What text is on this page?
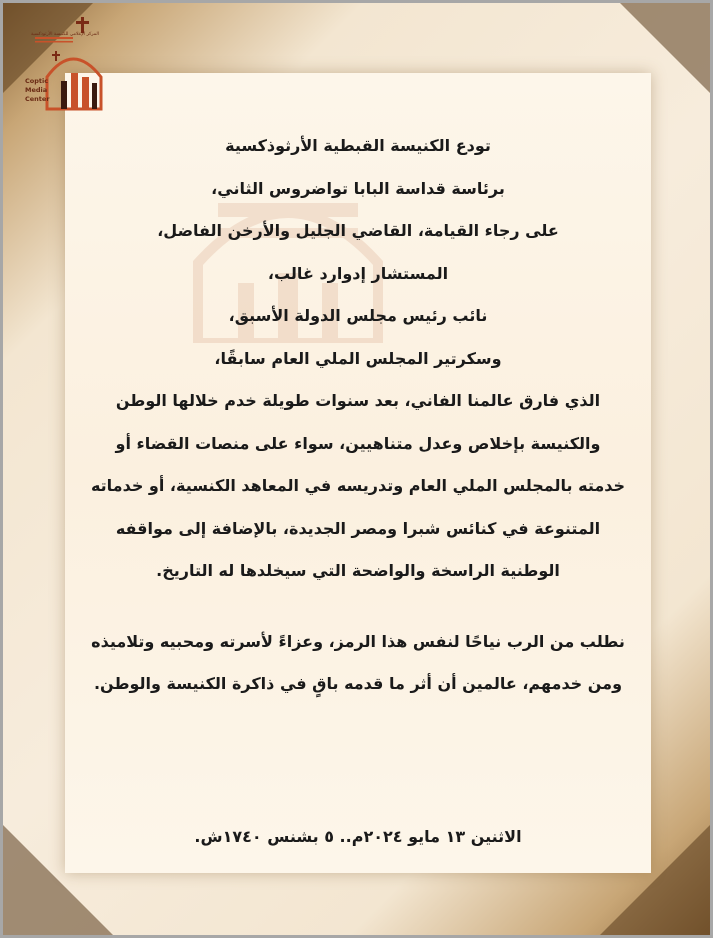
المركز الإعلامي للكنيسة الأرثوذكسية
Coptic
Media
Center
تودع الكنيسة القبطية الأرثوذكسية
برئاسة قداسة البابا تواضروس الثاني،
على رجاء القيامة، القاضي الجليل والأرخن الفاضل،
المستشار إدوارد غالب،
نائب رئيس مجلس الدولة الأسبق،
وسكرتير المجلس الملي العام سابقًا،
الذي فارق عالمنا الفاني، بعد سنوات طويلة خدم خلالها الوطن
والكنيسة بإخلاص وعدل متناهيين، سواء على منصات القضاء أو
خدمته بالمجلس الملي العام وتدريسه في المعاهد الكنسية، أو خدماته
المتنوعة في كنائس شبرا ومصر الجديدة، بالإضافة إلى مواقفه
الوطنية الراسخة والواضحة التي سيخلدها له التاريخ.
نطلب من الرب نياحًا لنفس هذا الرمز، وعزاءً لأسرته ومحبيه وتلاميذه
ومن خدمهم، عالمين أن أثر ما قدمه باقٍ في ذاكرة الكنيسة والوطن.
الاثنين ١٣ مايو ٢٠٢٤م.. ٥ بشنس ١٧٤٠ش.
